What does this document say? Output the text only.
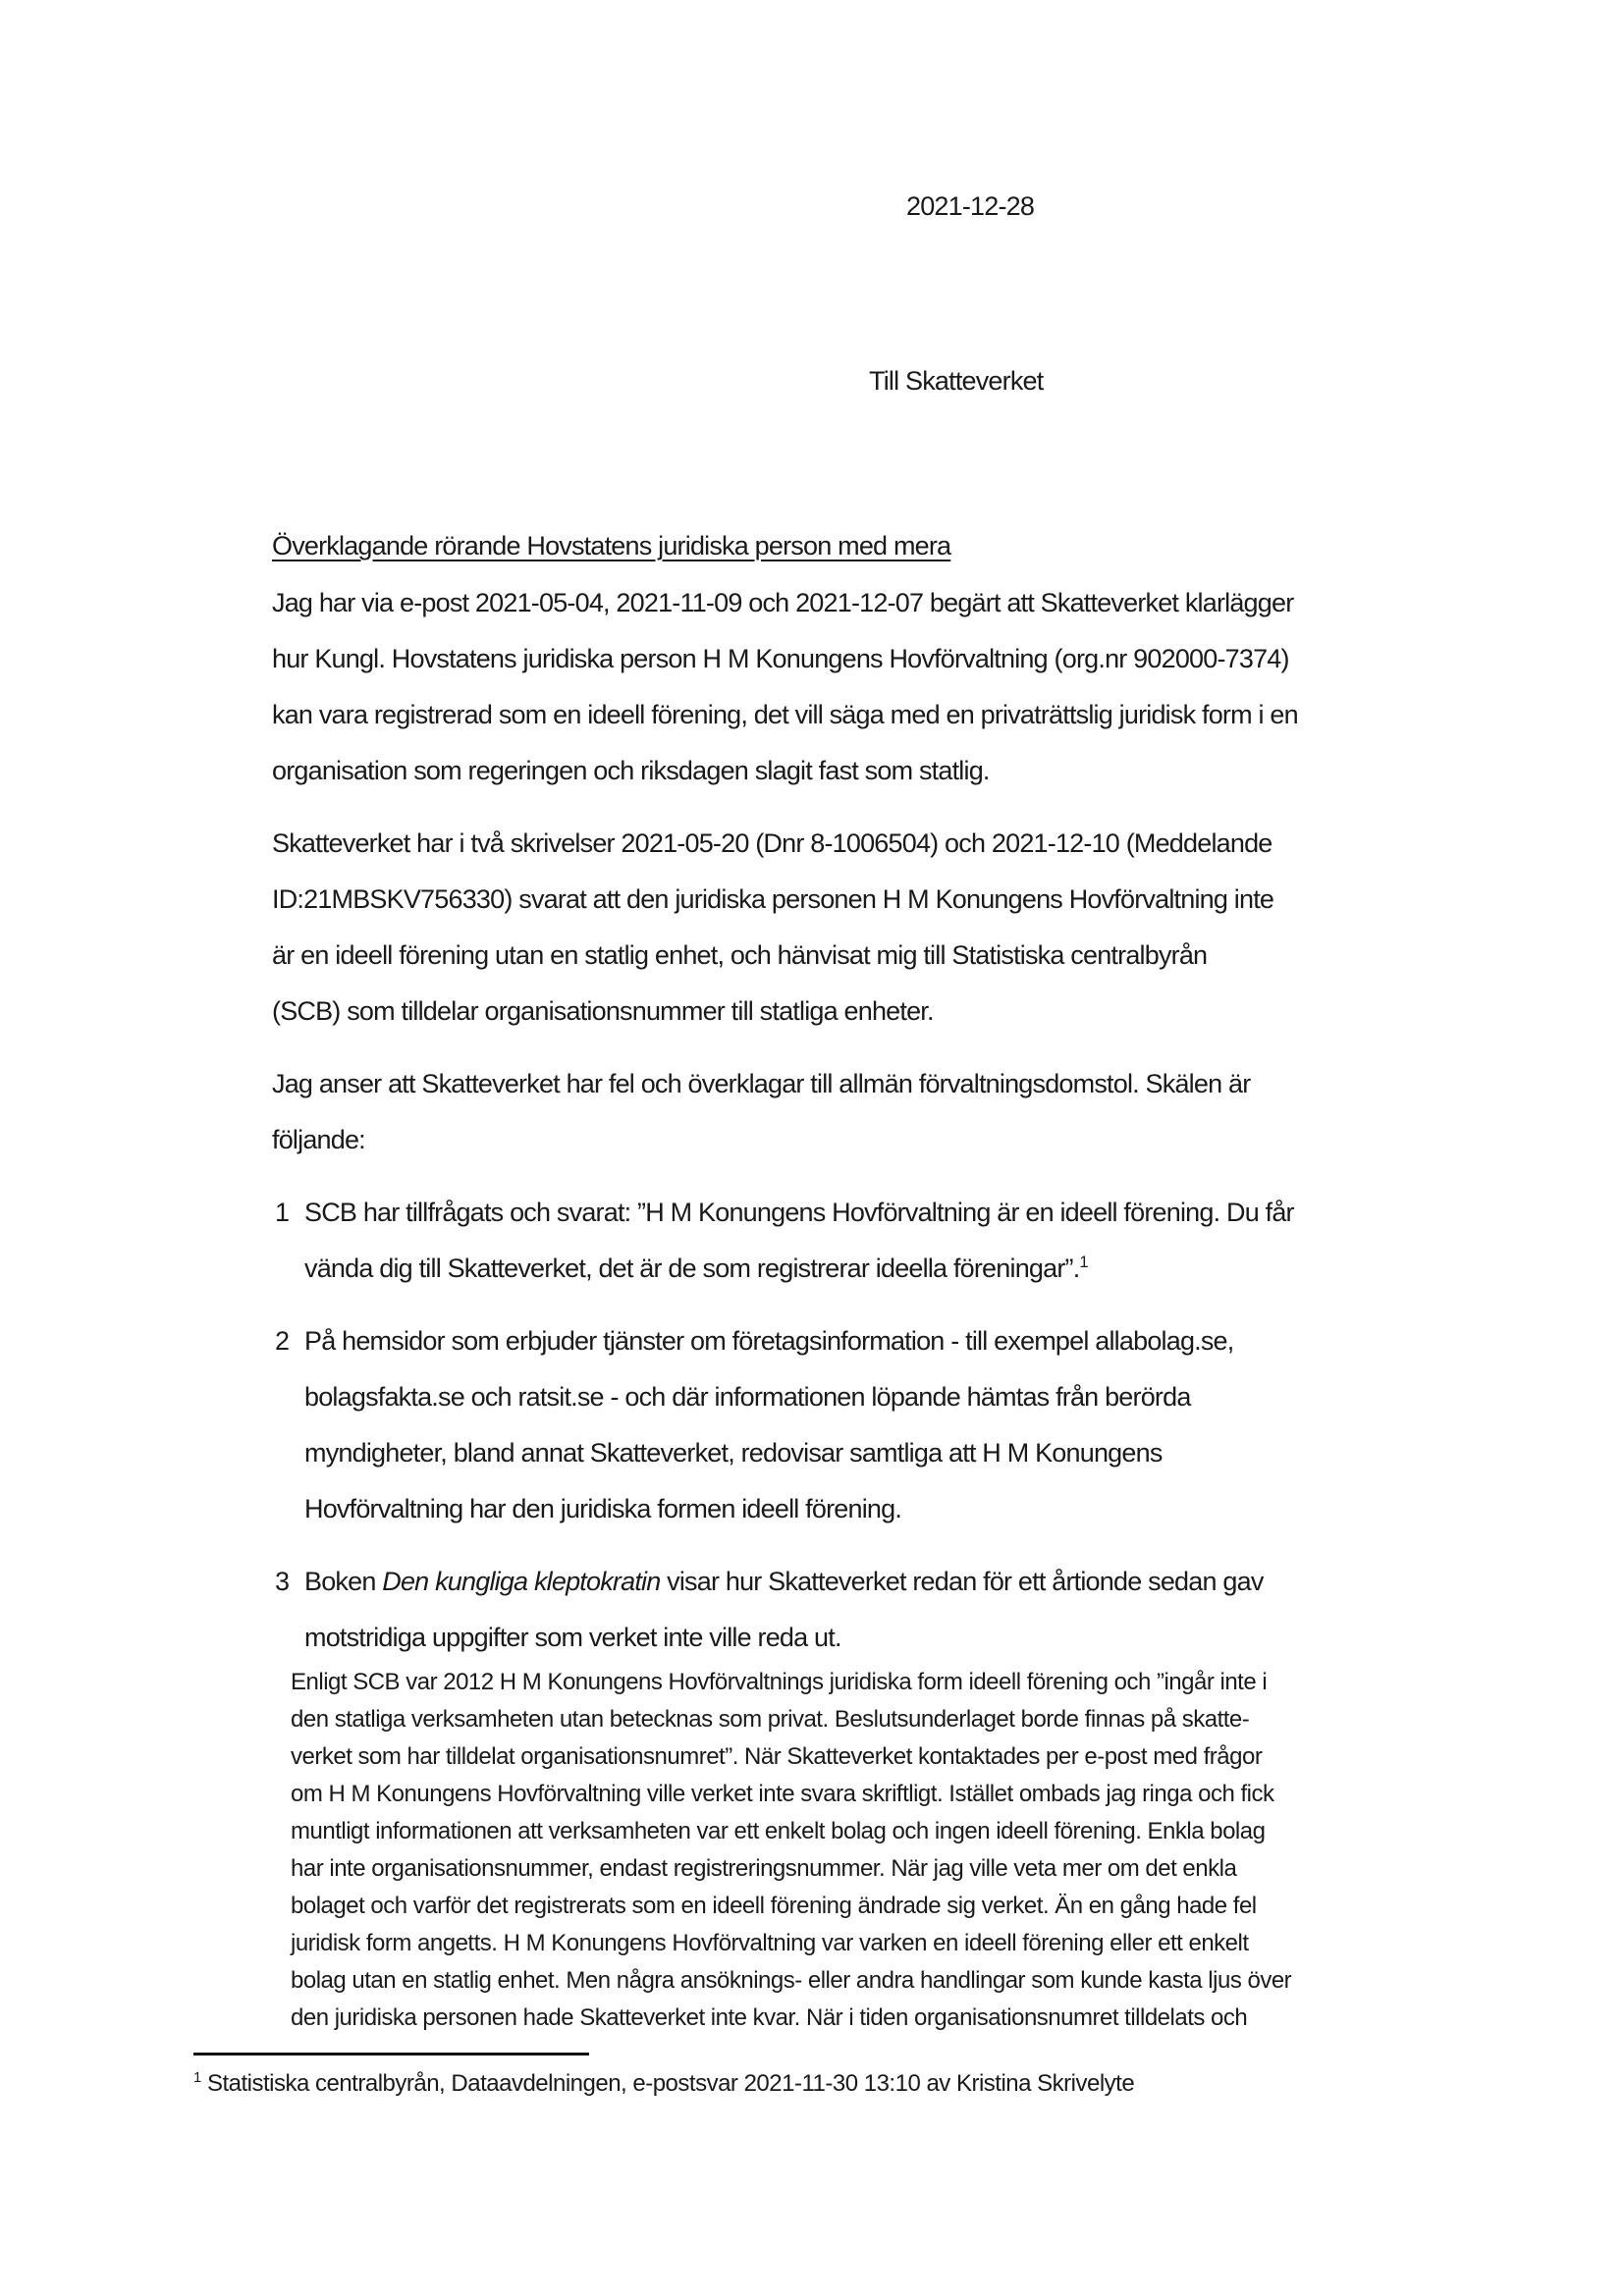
2021-12-28
Till Skatteverket
Överklagande rörande Hovstatens juridiska person med mera
Jag har via e-post 2021-05-04, 2021-11-09 och 2021-12-07 begärt att Skatteverket klarlägger
hur Kungl. Hovstatens juridiska person H M Konungens Hovförvaltning (org.nr 902000-7374)
kan vara registrerad som en ideell förening, det vill säga med en privaträttslig juridisk form i en
organisation som regeringen och riksdagen slagit fast som statlig.
Skatteverket har i två skrivelser 2021-05-20 (Dnr 8-1006504) och 2021-12-10 (Meddelande
ID:21MBSKV756330) svarat att den juridiska personen H M Konungens Hovförvaltning inte
är en ideell förening utan en statlig enhet, och hänvisat mig till Statistiska centralbyrån
(SCB) som tilldelar organisationsnummer till statliga enheter.
Jag anser att Skatteverket har fel och överklagar till allmän förvaltningsdomstol. Skälen är
följande:
1 SCB har tillfrågats och svarat: ”H M Konungens Hovförvaltning är en ideell förening. Du får
vända dig till Skatteverket, det är de som registrerar ideella föreningar”.$^1$
2 På hemsidor som erbjuder tjänster om företagsinformation - till exempel allabolag.se,
bolagsfakta.se och ratsit.se - och där informationen löpande hämtas från berörda
myndigheter, bland annat Skatteverket, redovisar samtliga att H M Konungens
Hovförvaltning har den juridiska formen ideell förening.
3 Boken Den kungliga kleptokratin visar hur Skatteverket redan för ett årtionde sedan gav
motstridiga uppgifter som verket inte ville reda ut.
Enligt SCB var 2012 H M Konungens Hovförvaltnings juridiska form ideell förening och ”ingår inte i
den statliga verksamheten utan betecknas som privat. Beslutsunderlaget borde finnas på skatte-
verket som har tilldelat organisationsnumret”. När Skatteverket kontaktades per e-post med frågor
om H M Konungens Hovförvaltning ville verket inte svara skriftligt. Istället ombads jag ringa och fick
muntligt informationen att verksamheten var ett enkelt bolag och ingen ideell förening. Enkla bolag
har inte organisationsnummer, endast registreringsnummer. När jag ville veta mer om det enkla
bolaget och varför det registrerats som en ideell förening ändrade sig verket. Än en gång hade fel
juridisk form angetts. H M Konungens Hovförvaltning var varken en ideell förening eller ett enkelt
bolag utan en statlig enhet. Men några ansöknings- eller andra handlingar som kunde kasta ljus över
den juridiska personen hade Skatteverket inte kvar. När i tiden organisationsnumret tilldelats och
$^1$ Statistiska centralbyrån, Dataavdelningen, e-postsvar 2021-11-30 13:10 av Kristina Skrivelyte
